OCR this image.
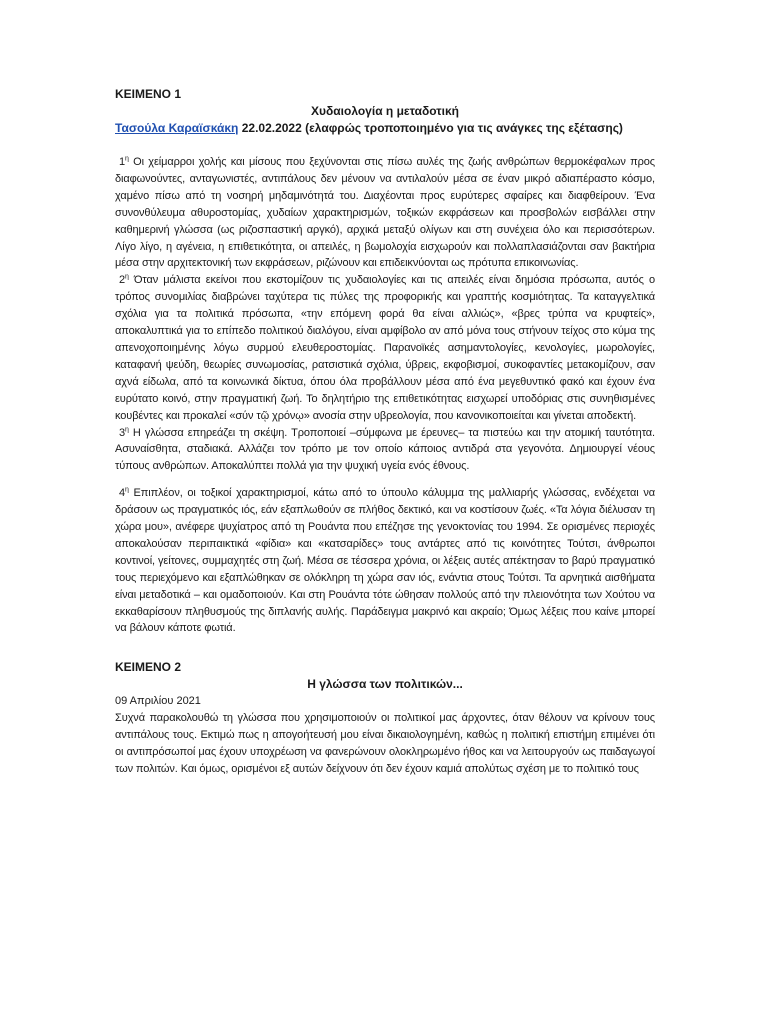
ΚΕΙΜΕΝΟ 1

Χυδαιολογία η μεταδοτική

Τασούλα Καραϊσκάκη 22.02.2022 (ελαφρώς τροποποιημένο για τις ανάγκες της εξέτασης)

$1^\eta$ Οι χείμαρροι χολής και μίσους που ξεχύνονται στις πίσω αυλές της ζωής ανθρώπων θερμοκέφαλων προς διαφωνούντες, ανταγωνιστές, αντιπάλους δεν μένουν να αντιλαλούν μέσα σε έναν μικρό αδιαπέραστο κόσμο, χαμένο πίσω από τη νοσηρή μηδαμινότητά του. Διαχέονται προς ευρύτερες σφαίρες και διαφθείρουν. Ένα συνονθύλευμα αθυροστομίας, χυδαίων χαρακτηρισμών, τοξικών εκφράσεων και προσβολών εισβάλλει στην καθημερινή γλώσσα (ως ριζοσπαστική αργκό), αρχικά μεταξύ ολίγων και στη συνέχεια όλο και περισσότερων. Λίγο λίγο, η αγένεια, η επιθετικότητα, οι απειλές, η βωμολοχία εισχωρούν και πολλαπλασιάζονται σαν βακτήρια μέσα στην αρχιτεκτονική των εκφράσεων, ριζώνουν και επιδεικνύονται ως πρότυπα επικοινωνίας.

$2^\eta$ Όταν μάλιστα εκείνοι που εκστομίζουν τις χυδαιολογίες και τις απειλές είναι δημόσια πρόσωπα, αυτός ο τρόπος συνομιλίας διαβρώνει ταχύτερα τις πύλες της προφορικής και γραπτής κοσμιότητας. Τα καταγγελτικά σχόλια για τα πολιτικά πρόσωπα, «την επόμενη φορά θα είναι αλλιώς», «βρες τρύπα να κρυφτείς», αποκαλυπτικά για το επίπεδο πολιτικού διαλόγου, είναι αμφίβολο αν από μόνα τους στήνουν τείχος στο κύμα της απενοχοποιημένης λόγω συρμού ελευθεροστομίας. Παρανοϊκές ασημαντολογίες, κενολογίες, μωρολογίες, καταφανή ψεύδη, θεωρίες συνωμοσίας, ρατσιστικά σχόλια, ύβρεις, εκφοβισμοί, συκοφαντίες μετακομίζουν, σαν αχνά είδωλα, από τα κοινωνικά δίκτυα, όπου όλα προβάλλουν μέσα από ένα μεγεθυντικό φακό και έχουν ένα ευρύτατο κοινό, στην πραγματική ζωή. Το δηλητήριο της επιθετικότητας εισχωρεί υποδόριας στις συνηθισμένες κουβέντες και προκαλεί «σύν τῷ χρόνῳ» ανοσία στην υβρεολογία, που κανονικοποιείται και γίνεται αποδεκτή.

$3^\eta$ Η γλώσσα επηρεάζει τη σκέψη. Τροποποιεί –σύμφωνα με έρευνες– τα πιστεύω και την ατομική ταυτότητα. Ασυναίσθητα, σταδιακά. Αλλάζει τον τρόπο με τον οποίο κάποιος αντιδρά στα γεγονότα. Δημιουργεί νέους τύπους ανθρώπων. Αποκαλύπτει πολλά για την ψυχική υγεία ενός έθνους.

$4^\eta$ Επιπλέον, οι τοξικοί χαρακτηρισμοί, κάτω από το ύπουλο κάλυμμα της μαλλιαρής γλώσσας, ενδέχεται να δράσουν ως πραγματικός ιός, εάν εξαπλωθούν σε πλήθος δεκτικό, και να κοστίσουν ζωές. «Τα λόγια διέλυσαν τη χώρα μου», ανέφερε ψυχίατρος από τη Ρουάντα που επέζησε της γενοκτονίας του 1994. Σε ορισμένες περιοχές αποκαλούσαν περιπαικτικά «φίδια» και «κατσαρίδες» τους αντάρτες από τις κοινότητες Τούτσι, άνθρωποι κοντινοί, γείτονες, συμμαχητές στη ζωή. Μέσα σε τέσσερα χρόνια, οι λέξεις αυτές απέκτησαν το βαρύ πραγματικό τους περιεχόμενο και εξαπλώθηκαν σε ολόκληρη τη χώρα σαν ιός, ενάντια στους Τούτσι. Τα αρνητικά αισθήματα είναι μεταδοτικά – και ομαδοποιούν. Και στη Ρουάντα τότε ώθησαν πολλούς από την πλειονότητα των Χούτου να εκκαθαρίσουν πληθυσμούς της διπλανής αυλής. Παράδειγμα μακρινό και ακραίο; Όμως λέξεις που καίνε μπορεί να βάλουν κάποτε φωτιά.

ΚΕΙΜΕΝΟ 2

Η γλώσσα των πολιτικών...

09 Απριλίου 2021

Συχνά παρακολουθώ τη γλώσσα που χρησιμοποιούν οι πολιτικοί μας άρχοντες, όταν θέλουν να κρίνουν τους αντιπάλους τους. Εκτιμώ πως η απογοήτευσή μου είναι δικαιολογημένη, καθώς η πολιτική επιστήμη επιμένει ότι οι αντιπρόσωποί μας έχουν υποχρέωση να φανερώνουν ολοκληρωμένο ήθος και να λειτουργούν ως παιδαγωγοί των πολιτών. Και όμως, ορισμένοι εξ αυτών δείχνουν ότι δεν έχουν καμιά απολύτως σχέση με το πολιτικό τους
